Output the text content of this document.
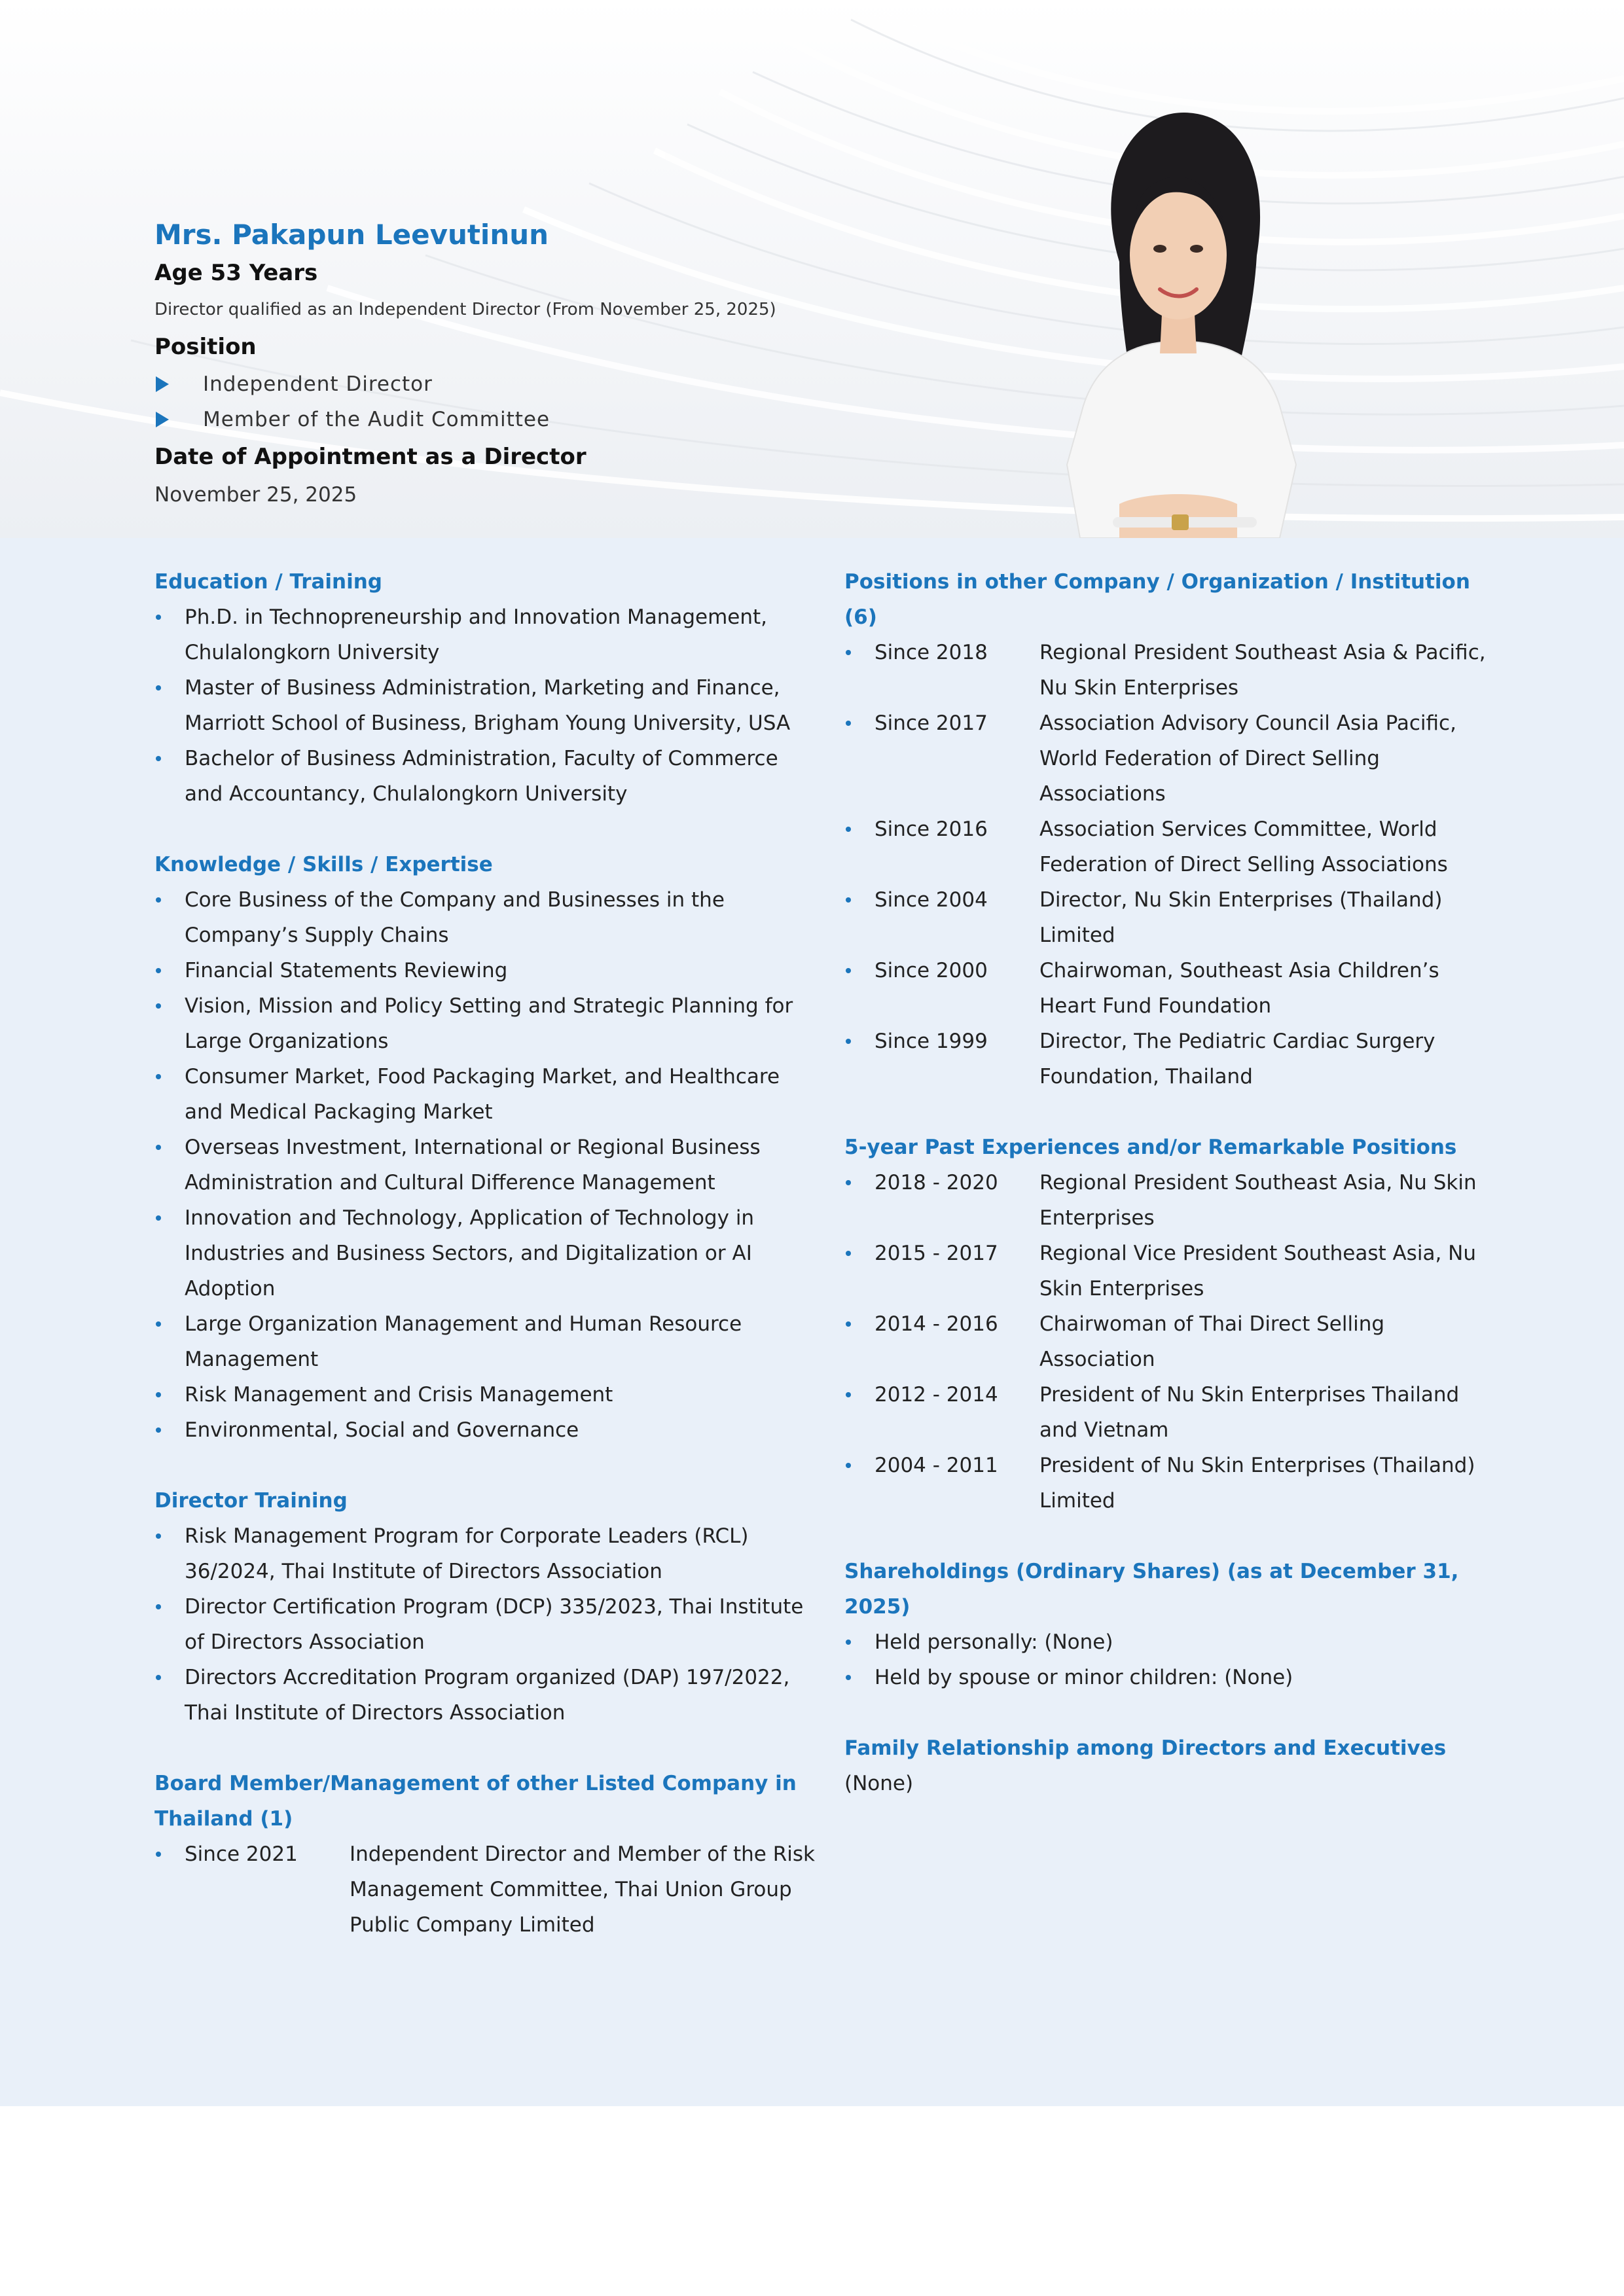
Mrs. Pakapun Leevutinun
Age 53 Years
Director qualified as an Independent Director (From November 25, 2025)
Position
Independent Director
Member of the Audit Committee
Date of Appointment as a Director
November 25, 2025
Education / Training
Ph.D. in Technopreneurship and Innovation Management, Chulalongkorn University
Master of Business Administration, Marketing and Finance, Marriott School of Business, Brigham Young University, USA
Bachelor of Business Administration, Faculty of Commerce and Accountancy, Chulalongkorn University
Knowledge / Skills / Expertise
Core Business of the Company and Businesses in the Company’s Supply Chains
Financial Statements Reviewing
Vision, Mission and Policy Setting and Strategic Planning for Large Organizations
Consumer Market, Food Packaging Market, and Healthcare and Medical Packaging Market
Overseas Investment, International or Regional Business Administration and Cultural Difference Management
Innovation and Technology, Application of Technology in Industries and Business Sectors, and Digitalization or AI Adoption
Large Organization Management and Human Resource Management
Risk Management and Crisis Management
Environmental, Social and Governance
Director Training
Risk Management Program for Corporate Leaders (RCL) 36/2024, Thai Institute of Directors Association
Director Certification Program (DCP) 335/2023, Thai Institute of Directors Association
Directors Accreditation Program organized (DAP) 197/2022, Thai Institute of Directors Association
Board Member/Management of other Listed Company in Thailand (1)
Since 2021	Independent Director and Member of the Risk Management Committee, Thai Union Group Public Company Limited
Positions in other Company / Organization / Institution (6)
Since 2018	Regional President Southeast Asia & Pacific, Nu Skin Enterprises
Since 2017	Association Advisory Council Asia Pacific, World Federation of Direct Selling Associations
Since 2016	Association Services Committee, World Federation of Direct Selling Associations
Since 2004	Director, Nu Skin Enterprises (Thailand) Limited
Since 2000	Chairwoman, Southeast Asia Children’s Heart Fund Foundation
Since 1999	Director, The Pediatric Cardiac Surgery Foundation, Thailand
5-year Past Experiences and/or Remarkable Positions
2018 - 2020	Regional President Southeast Asia, Nu Skin Enterprises
2015 - 2017	Regional Vice President Southeast Asia, Nu Skin Enterprises
2014 - 2016	Chairwoman of Thai Direct Selling Association
2012 - 2014	President of Nu Skin Enterprises Thailand and Vietnam
2004 - 2011	President of Nu Skin Enterprises (Thailand) Limited
Shareholdings (Ordinary Shares) (as at December 31, 2025)
Held personally: (None)
Held by spouse or minor children: (None)
Family Relationship among Directors and Executives
(None)
